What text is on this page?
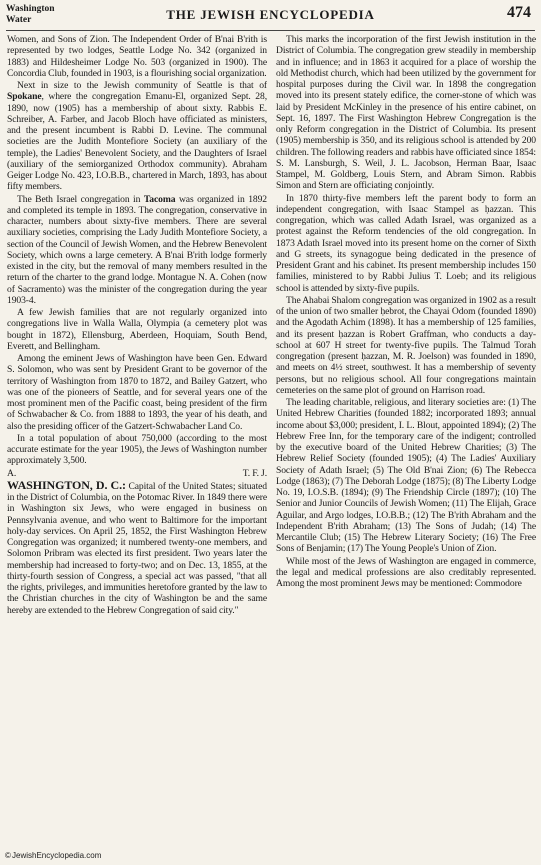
Washington
Water	THE JEWISH ENCYCLOPEDIA	474

Women, and Sons of Zion. The Independent Order of B'nai B'rith is represented by two lodges, Seattle Lodge No. 342 (organized in 1883) and Hildesheimer Lodge No. 503 (organized in 1900). The Concordia Club, founded in 1903, is a flourishing social organization.

Next in size to the Jewish community of Seattle is that of Spokane, where the congregation Emanu-El, organized Sept. 28, 1890, now (1905) has a membership of about sixty. Rabbis E. Schreiber, A. Farber, and Jacob Bloch have officiated as ministers, and the present incumbent is Rabbi D. Levine. The communal societies are the Judith Montefiore Society (an auxiliary of the temple), the Ladies' Benevolent Society, and the Daughters of Israel (auxiliary of the semiorganized Orthodox community). Abraham Geiger Lodge No. 423, I.O.B.B., chartered in March, 1893, has about fifty members.

The Beth Israel congregation in Tacoma was organized in 1892 and completed its temple in 1893. The congregation, conservative in character, numbers about sixty-five members. There are several auxiliary societies, comprising the Lady Judith Montefiore Society, a section of the Council of Jewish Women, and the Hebrew Benevolent Society, which owns a large cemetery. A B'nai B'rith lodge formerly existed in the city, but the removal of many members resulted in the return of the charter to the grand lodge. Montague N. A. Cohen (now of Sacramento) was the minister of the congregation during the year 1903-4.

A few Jewish families that are not regularly organized into congregations live in Walla Walla, Olympia (a cemetery plot was bought in 1872), Ellensburg, Aberdeen, Hoquiam, South Bend, Everett, and Bellingham.

Among the eminent Jews of Washington have been Gen. Edward S. Solomon, who was sent by President Grant to be governor of the territory of Washington from 1870 to 1872, and Bailey Gatzert, who was one of the pioneers of Seattle, and for several years one of the most prominent men of the Pacific coast, being president of the firm of Schwabacher & Co. from 1888 to 1893, the year of his death, and also the presiding officer of the Gatzert-Schwabacher Land Co.

In a total population of about 750,000 (according to the most accurate estimate for the year 1905), the Jews of Washington number approximately 3,500.

A.	T. F. J.

WASHINGTON, D. C.: Capital of the United States; situated in the District of Columbia, on the Potomac River. In 1849 there were in Washington six Jews, who were engaged in business on Pennsylvania avenue, and who went to Baltimore for the important holy-day services. On April 25, 1852, the First Washington Hebrew Congregation was organized; it numbered twenty-one members, and Solomon Pribram was elected its first president. Two years later the membership had increased to forty-two; and on Dec. 13, 1855, at the thirty-fourth session of Congress, a special act was passed, "that all the rights, privileges, and immunities heretofore granted by the law to the Christian churches in the city of Washington be and the same hereby are extended to the Hebrew Congregation of said city."

This marks the incorporation of the first Jewish institution in the District of Columbia. The congregation grew steadily in membership and in influence; and in 1863 it acquired for a place of worship the old Methodist church, which had been utilized by the government for hospital purposes during the Civil war. In 1898 the congregation moved into its present stately edifice, the corner-stone of which was laid by President McKinley in the presence of his entire cabinet, on Sept. 16, 1897. The First Washington Hebrew Congregation is the only Reform congregation in the District of Columbia. Its present (1905) membership is 350, and its religious school is attended by 200 children. The following readers and rabbis have officiated since 1854: S. M. Lansburgh, S. Weil, J. L. Jacobson, Herman Baar, Isaac Stampel, M. Goldberg, Louis Stern, and Abram Simon. Rabbis Simon and Stern are officiating conjointly.

In 1870 thirty-five members left the parent body to form an independent congregation, with Isaac Stampel as ḥazzan. This congregation, which was called Adath Israel, was organized as a protest against the Reform tendencies of the old congregation. In 1873 Adath Israel moved into its present home on the corner of Sixth and G streets, its synagogue being dedicated in the presence of President Grant and his cabinet. Its present membership includes 150 families, ministered to by Rabbi Julius T. Loeb; and its religious school is attended by sixty-five pupils.

The Ahabai Shalom congregation was organized in 1902 as a result of the union of two smaller ḥebrot, the Chayai Odom (founded 1890) and the Agodath Achim (1898). It has a membership of 125 families, and its present ḥazzan is Robert Graffman, who conducts a day-school at 607 H street for twenty-five pupils. The Talmud Torah congregation (present ḥazzan, M. R. Joelson) was founded in 1890, and meets on 4½ street, southwest. It has a membership of seventy persons, but no religious school. All four congregations maintain cemeteries on the same plot of ground on Harrison road.

The leading charitable, religious, and literary societies are: (1) The United Hebrew Charities (founded 1882; incorporated 1893; annual income about $3,000; president, I. L. Blout, appointed 1894); (2) The Hebrew Free Inn, for the temporary care of the indigent; controlled by the executive board of the United Hebrew Charities; (3) The Hebrew Relief Society (founded 1905); (4) The Ladies' Auxiliary Society of Adath Israel; (5) The Old B'nai Zion; (6) The Rebecca Lodge (1863); (7) The Deborah Lodge (1875); (8) The Liberty Lodge No. 19, I.O.S.B. (1894); (9) The Friendship Circle (1897); (10) The Senior and Junior Councils of Jewish Women; (11) The Elijah, Grace Aguilar, and Argo lodges, I.O.B.B.; (12) The B'rith Abraham and the Independent B'rith Abraham; (13) The Sons of Judah; (14) The Mercantile Club; (15) The Hebrew Literary Society; (16) The Free Sons of Benjamin; (17) The Young People's Union of Zion.

While most of the Jews of Washington are engaged in commerce, the legal and medical professions are also creditably represented. Among the most prominent Jews may be mentioned: Commodore

©JewishEncyclopedia.com
